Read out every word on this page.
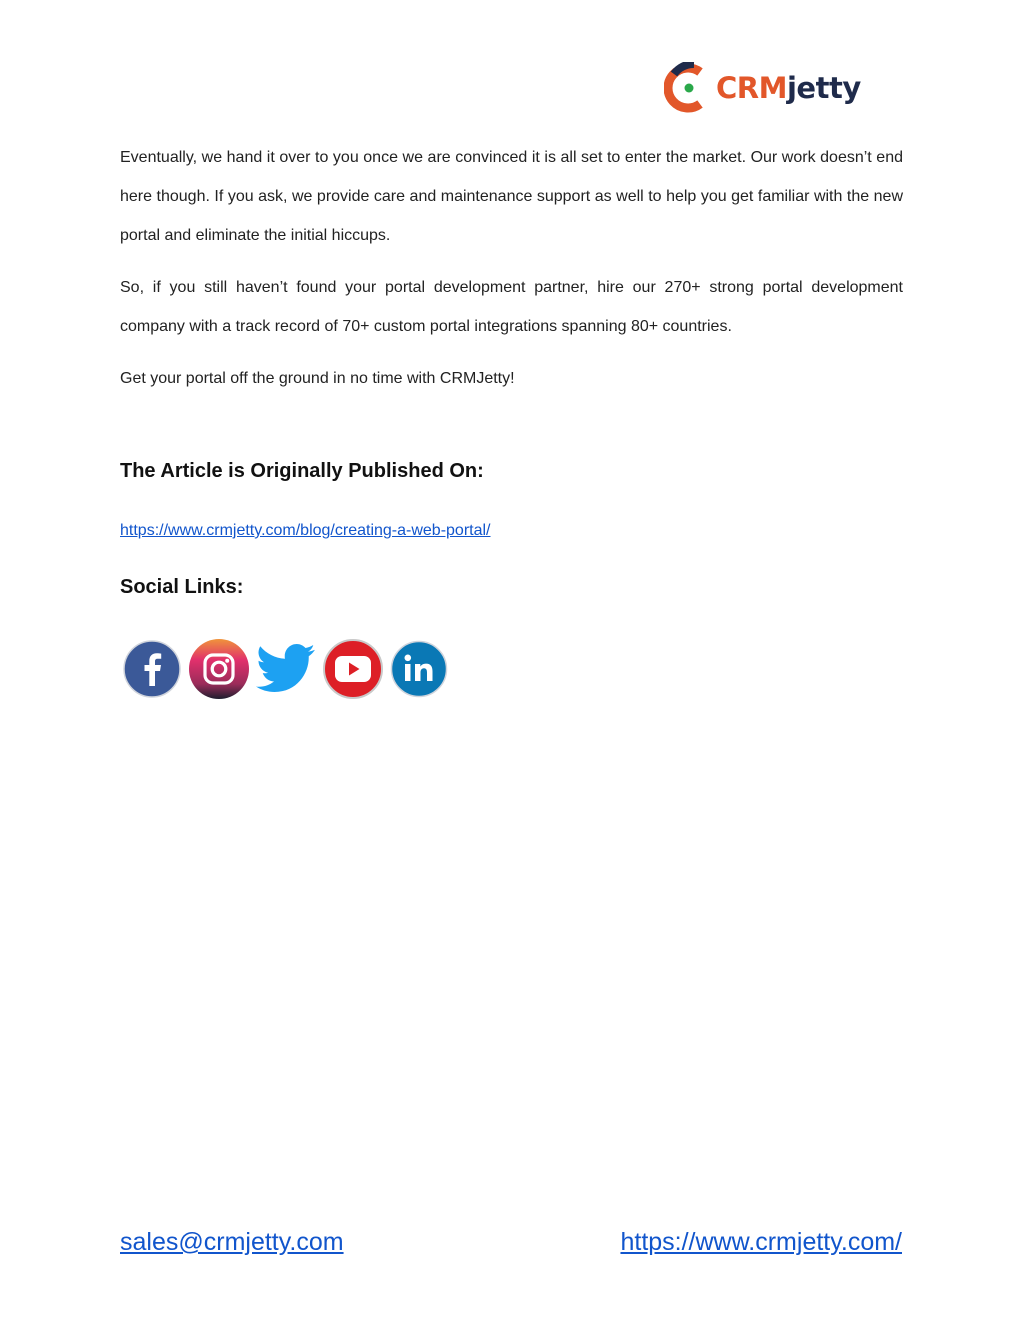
CRMjetty

Eventually, we hand it over to you once we are convinced it is all set to enter the market. Our work doesn’t end here though. If you ask, we provide care and maintenance support as well to help you get familiar with the new portal and eliminate the initial hiccups.

So, if you still haven’t found your portal development partner, hire our 270+ strong portal development company with a track record of 70+ custom portal integrations spanning 80+ countries.

Get your portal off the ground in no time with CRMJetty!

The Article is Originally Published On:
https://www.crmjetty.com/blog/creating-a-web-portal/
Social Links:
sales@crmjetty.com	https://www.crmjetty.com/
